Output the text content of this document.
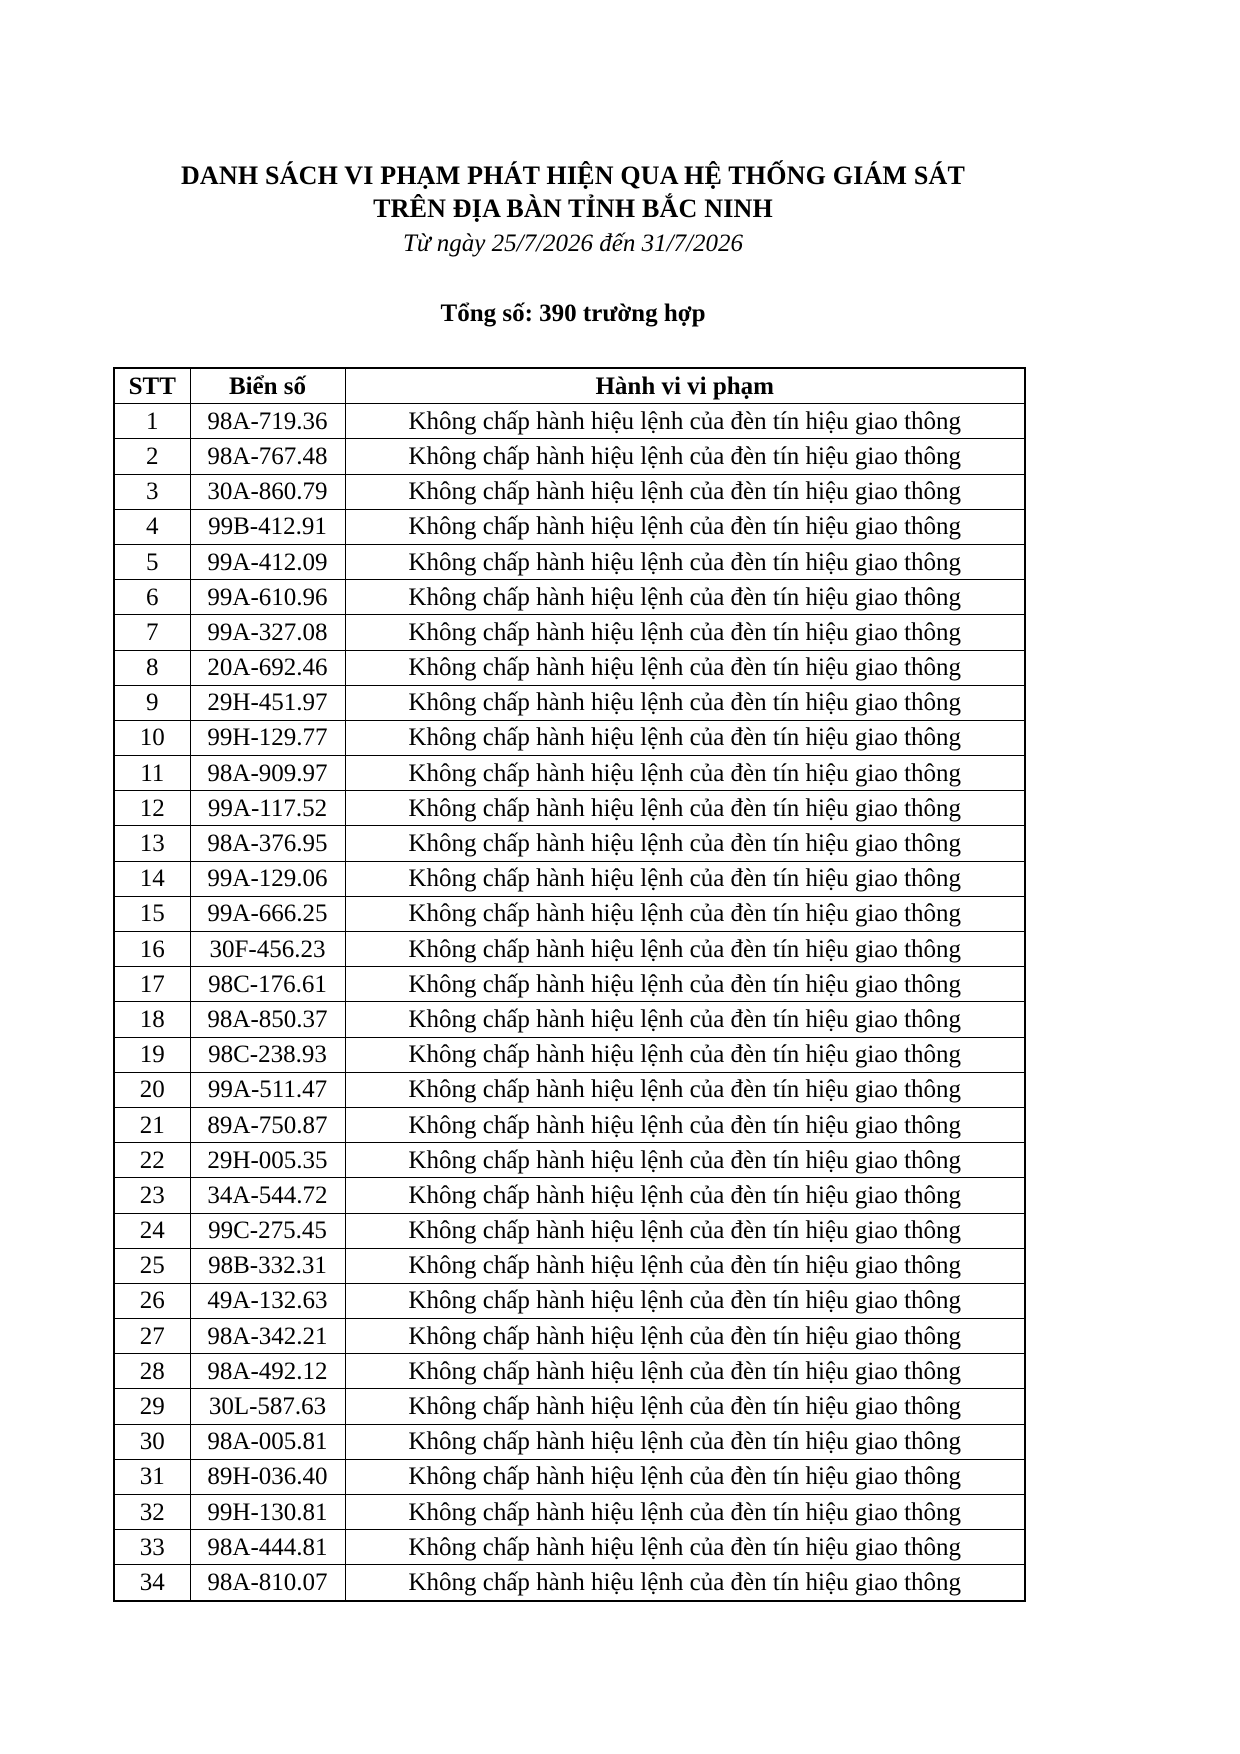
DANH SÁCH VI PHẠM PHÁT HIỆN QUA HỆ THỐNG GIÁM SÁT
TRÊN ĐỊA BÀN TỈNH BẮC NINH
Từ ngày 25/7/2026 đến 31/7/2026
Tổng số: 390 trường hợp
STT	Biển số	Hành vi vi phạm
1	98A-719.36	Không chấp hành hiệu lệnh của đèn tín hiệu giao thông
2	98A-767.48	Không chấp hành hiệu lệnh của đèn tín hiệu giao thông
3	30A-860.79	Không chấp hành hiệu lệnh của đèn tín hiệu giao thông
4	99B-412.91	Không chấp hành hiệu lệnh của đèn tín hiệu giao thông
5	99A-412.09	Không chấp hành hiệu lệnh của đèn tín hiệu giao thông
6	99A-610.96	Không chấp hành hiệu lệnh của đèn tín hiệu giao thông
7	99A-327.08	Không chấp hành hiệu lệnh của đèn tín hiệu giao thông
8	20A-692.46	Không chấp hành hiệu lệnh của đèn tín hiệu giao thông
9	29H-451.97	Không chấp hành hiệu lệnh của đèn tín hiệu giao thông
10	99H-129.77	Không chấp hành hiệu lệnh của đèn tín hiệu giao thông
11	98A-909.97	Không chấp hành hiệu lệnh của đèn tín hiệu giao thông
12	99A-117.52	Không chấp hành hiệu lệnh của đèn tín hiệu giao thông
13	98A-376.95	Không chấp hành hiệu lệnh của đèn tín hiệu giao thông
14	99A-129.06	Không chấp hành hiệu lệnh của đèn tín hiệu giao thông
15	99A-666.25	Không chấp hành hiệu lệnh của đèn tín hiệu giao thông
16	30F-456.23	Không chấp hành hiệu lệnh của đèn tín hiệu giao thông
17	98C-176.61	Không chấp hành hiệu lệnh của đèn tín hiệu giao thông
18	98A-850.37	Không chấp hành hiệu lệnh của đèn tín hiệu giao thông
19	98C-238.93	Không chấp hành hiệu lệnh của đèn tín hiệu giao thông
20	99A-511.47	Không chấp hành hiệu lệnh của đèn tín hiệu giao thông
21	89A-750.87	Không chấp hành hiệu lệnh của đèn tín hiệu giao thông
22	29H-005.35	Không chấp hành hiệu lệnh của đèn tín hiệu giao thông
23	34A-544.72	Không chấp hành hiệu lệnh của đèn tín hiệu giao thông
24	99C-275.45	Không chấp hành hiệu lệnh của đèn tín hiệu giao thông
25	98B-332.31	Không chấp hành hiệu lệnh của đèn tín hiệu giao thông
26	49A-132.63	Không chấp hành hiệu lệnh của đèn tín hiệu giao thông
27	98A-342.21	Không chấp hành hiệu lệnh của đèn tín hiệu giao thông
28	98A-492.12	Không chấp hành hiệu lệnh của đèn tín hiệu giao thông
29	30L-587.63	Không chấp hành hiệu lệnh của đèn tín hiệu giao thông
30	98A-005.81	Không chấp hành hiệu lệnh của đèn tín hiệu giao thông
31	89H-036.40	Không chấp hành hiệu lệnh của đèn tín hiệu giao thông
32	99H-130.81	Không chấp hành hiệu lệnh của đèn tín hiệu giao thông
33	98A-444.81	Không chấp hành hiệu lệnh của đèn tín hiệu giao thông
34	98A-810.07	Không chấp hành hiệu lệnh của đèn tín hiệu giao thông
